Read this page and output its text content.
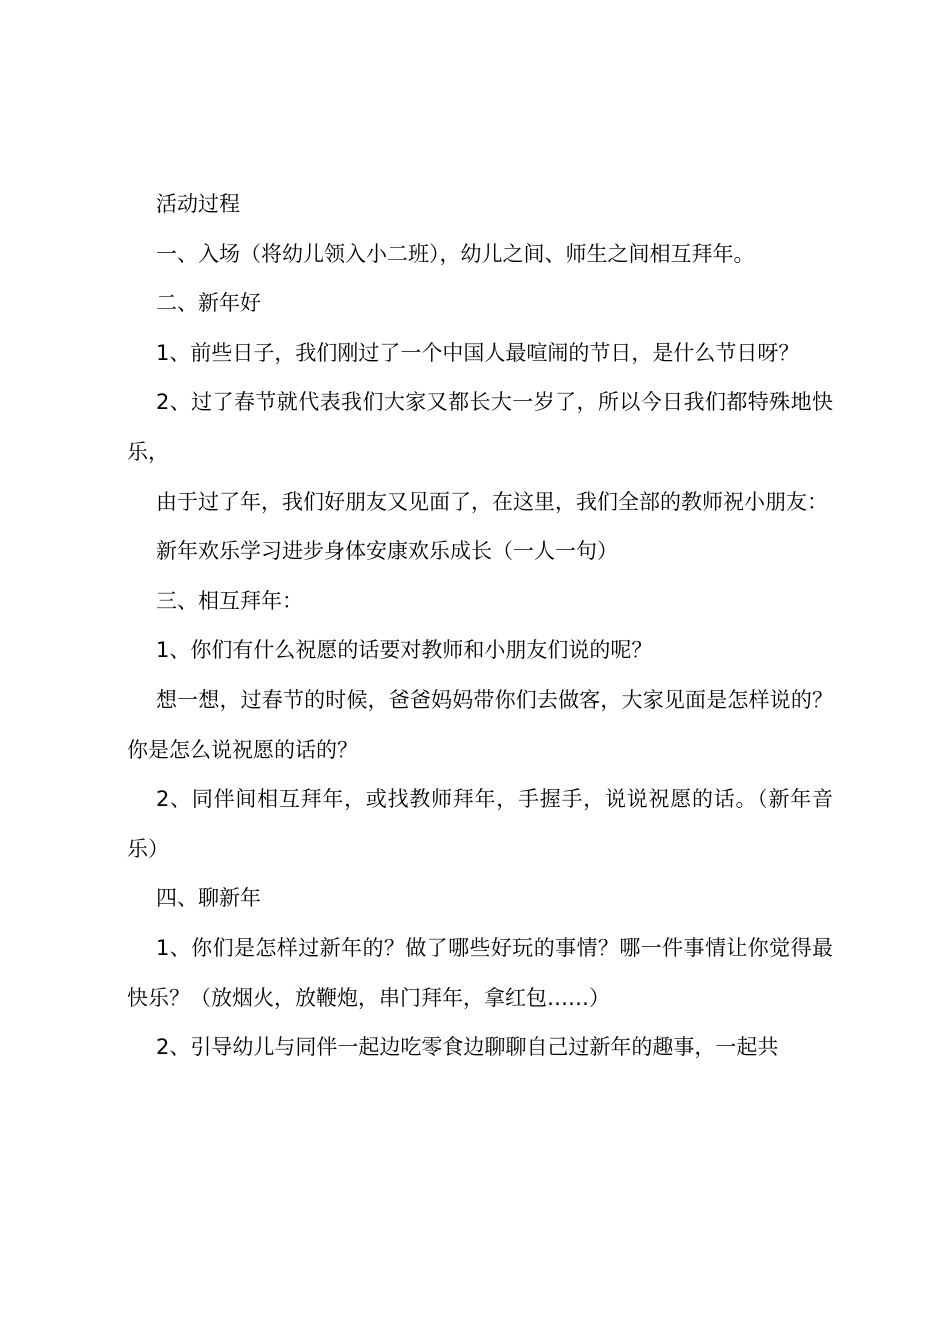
活动过程

一、入场（将幼儿领入小二班），幼儿之间、师生之间相互拜年。

二、新年好

1、前些日子，我们刚过了一个中国人最喧闹的节日，是什么节日呀？

2、过了春节就代表我们大家又都长大一岁了，所以今日我们都特殊地快乐，

由于过了年，我们好朋友又见面了，在这里，我们全部的教师祝小朋友：

新年欢乐学习进步身体安康欢乐成长（一人一句）

三、相互拜年：

1、你们有什么祝愿的话要对教师和小朋友们说的呢？

想一想，过春节的时候，爸爸妈妈带你们去做客，大家见面是怎样说的？你是怎么说祝愿的话的？

2、同伴间相互拜年，或找教师拜年，手握手，说说祝愿的话。（新年音乐）

四、聊新年

1、你们是怎样过新年的？做了哪些好玩的事情？哪一件事情让你觉得最快乐？（放烟火，放鞭炮，串门拜年，拿红包……）

2、引导幼儿与同伴一起边吃零食边聊聊自己过新年的趣事，一起共
